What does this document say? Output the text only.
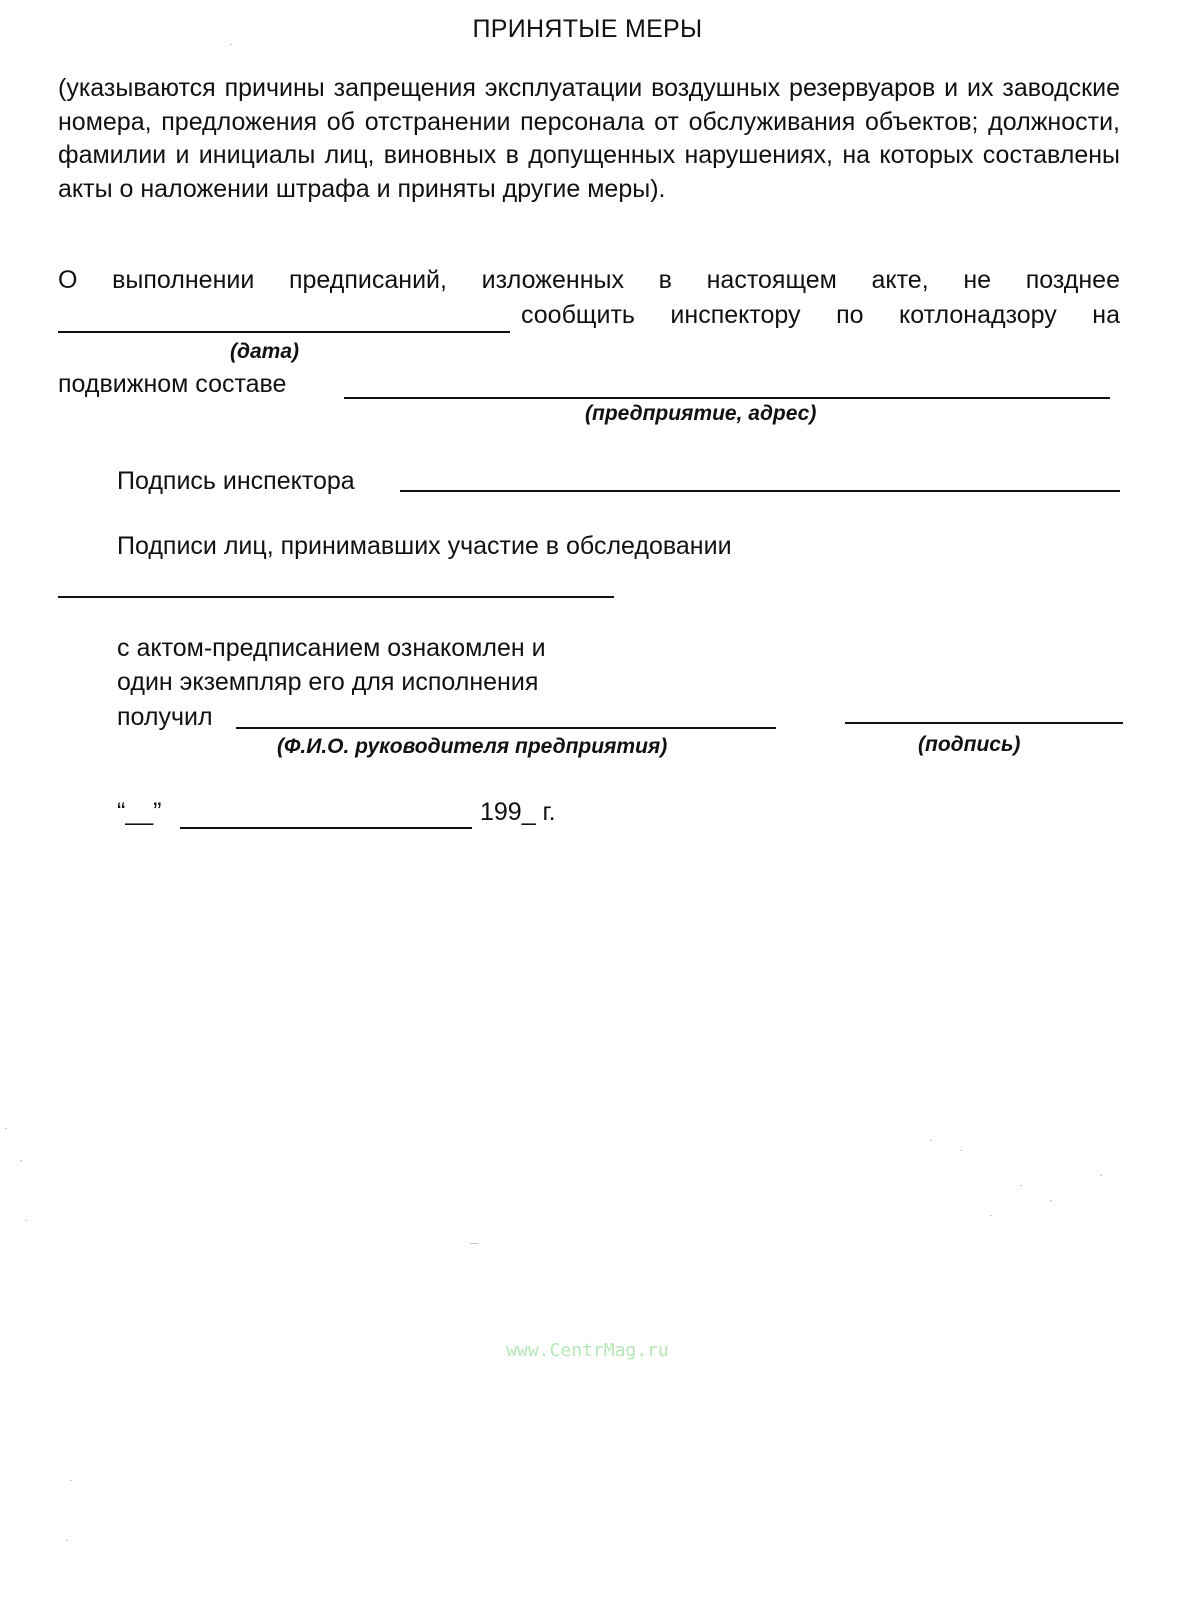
ПРИНЯТЫЕ МЕРЫ
(указываются причины запрещения эксплуатации воздушных резервуаров и их заводские номера, предложения об отстранении персонала от обслуживания объектов; должности, фамилии и инициалы лиц, виновных в допущенных нарушениях, на которых составлены акты о наложении штрафа и приняты другие меры).
О выполнении предписаний, изложенных в настоящем акте, не позднее
сообщить инспектору по котлонадзору на
(дата)
подвижном составе
(предприятие, адрес)
Подпись инспектора
Подписи лиц, принимавших участие в обследовании
с актом-предписанием ознакомлен и
один экземпляр его для исполнения
получил
(Ф.И.О. руководителя предприятия)	(подпись)
“__”	199_ г.
www.CentrMag.ru
